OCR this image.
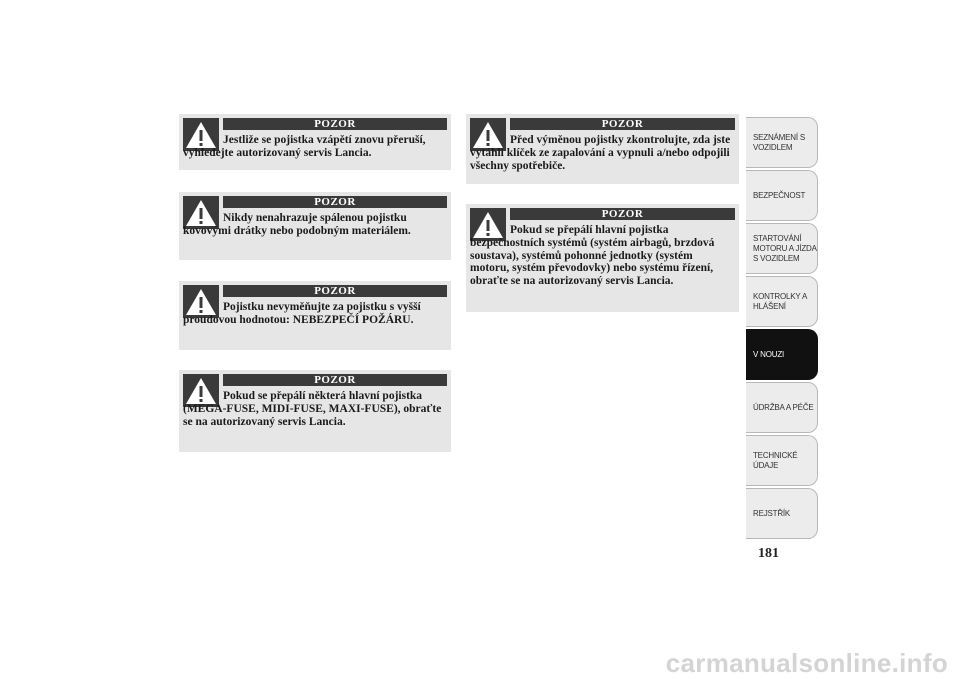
POZOR

Jestliže se pojistka vzápětí znovu přeruší, vyhledejte autorizovaný servis Lancia.

POZOR

Nikdy nenahrazuje spálenou pojistku kovovými drátky nebo podobným materiálem.

POZOR

Pojistku nevyměňujte za pojistku s vyšší proudovou hodnotou: NEBEZPEČÍ POŽÁRU.

POZOR

Pokud se přepálí některá hlavní pojistka (MEGA-FUSE, MIDI-FUSE, MAXI-FUSE), obraťte se na autorizovaný servis Lancia.

POZOR

Před výměnou pojistky zkontrolujte, zda jste vytáhli klíček ze zapalování a vypnuli a/nebo odpojili všechny spotřebiče.

POZOR

Pokud se přepálí hlavní pojistka bezpečnostních systémů (systém airbagů, brzdová soustava), systémů pohonné jednotky (systém motoru, systém převodovky) nebo systému řízení, obraťte se na autorizovaný servis Lancia.

SEZNÁMENÍ S
VOZIDLEM
BEZPEČNOST
STARTOVÁNÍ
MOTORU A JÍZDA
S VOZIDLEM
KONTROLKY A
HLÁŠENÍ
V NOUZI
ÚDRŽBA A PÉČE
TECHNICKÉ
ÚDAJE
REJSTŘÍK
181
carmanualsonline.info
